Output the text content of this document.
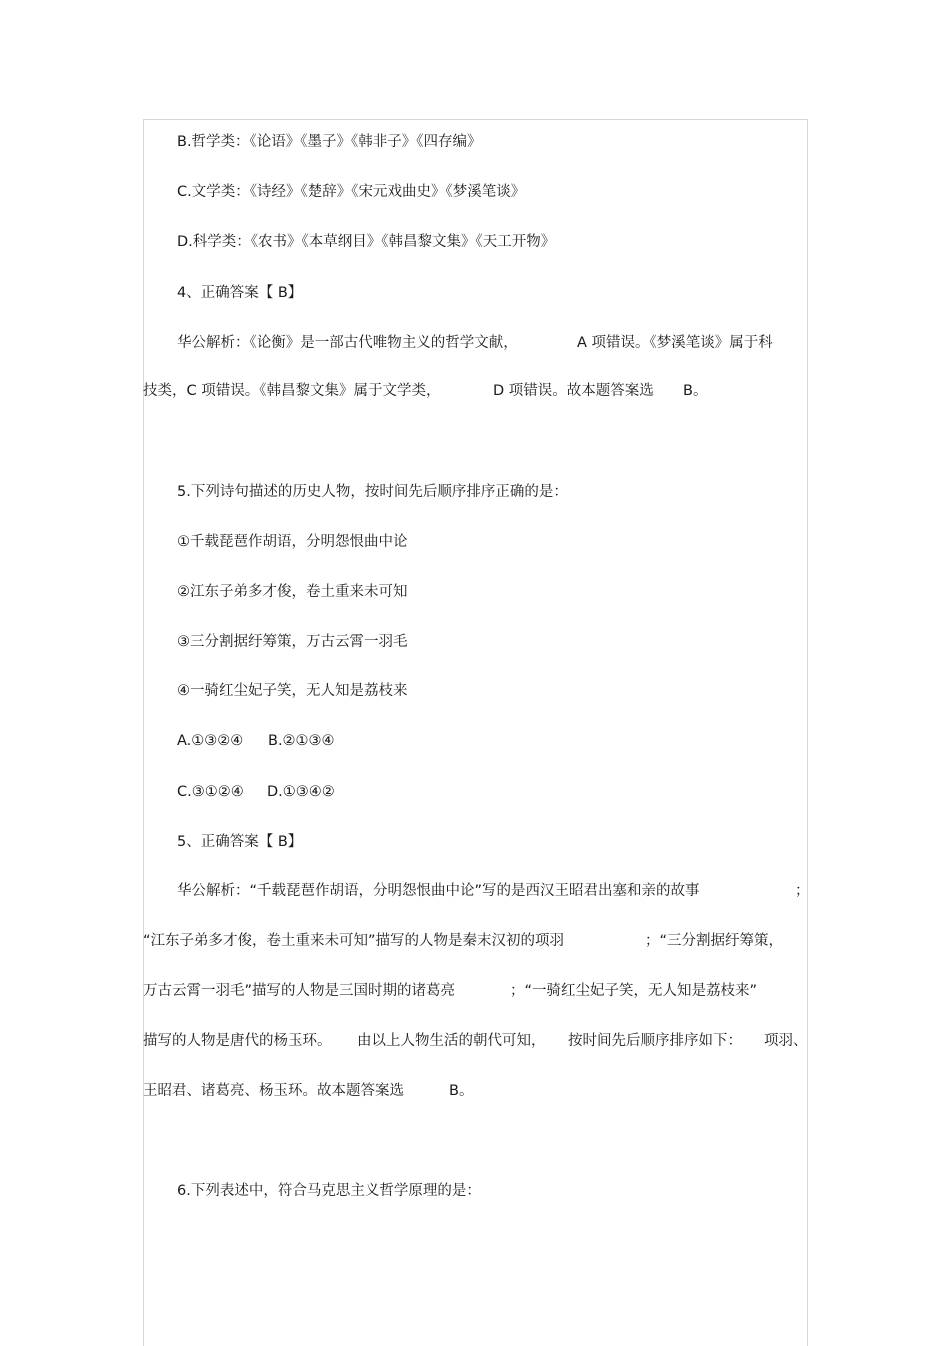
B.哲学类：《论语》《墨子》《韩非子》《四存编》
C.文学类：《诗经》《楚辞》《宋元戏曲史》《梦溪笔谈》
D.科学类：《农书》《本草纲目》《韩昌黎文集》《天工开物》
4、正确答案【 B】
华公解析：《论衡》是一部古代唯物主义的哲学文献，	A 项错误。《梦溪笔谈》属于科
技类，C 项错误。《韩昌黎文集》属于文学类，	D 项错误。故本题答案选 B。
5.下列诗句描述的历史人物，按时间先后顺序排序正确的是：
①千载琵琶作胡语，分明怨恨曲中论
②江东子弟多才俊，卷土重来未可知
③三分割据纡筹策，万古云霄一羽毛
④一骑红尘妃子笑，无人知是荔枝来
A.①③②④ B.②①③④
C.③①②④ D.①③④②
5、正确答案【 B】
华公解析：“千载琵琶作胡语，分明怨恨曲中论”写的是西汉王昭君出塞和亲的故事	；
“江东子弟多才俊，卷土重来未可知”描写的人物是秦末汉初的项羽	；“三分割据纡筹策，
万古云霄一羽毛”描写的人物是三国时期的诸葛亮	；“一骑红尘妃子笑，无人知是荔枝来”
描写的人物是唐代的杨玉环。 由以上人物生活的朝代可知， 按时间先后顺序排序如下： 项羽、
王昭君、诸葛亮、杨玉环。故本题答案选	B。
6.下列表述中，符合马克思主义哲学原理的是：
